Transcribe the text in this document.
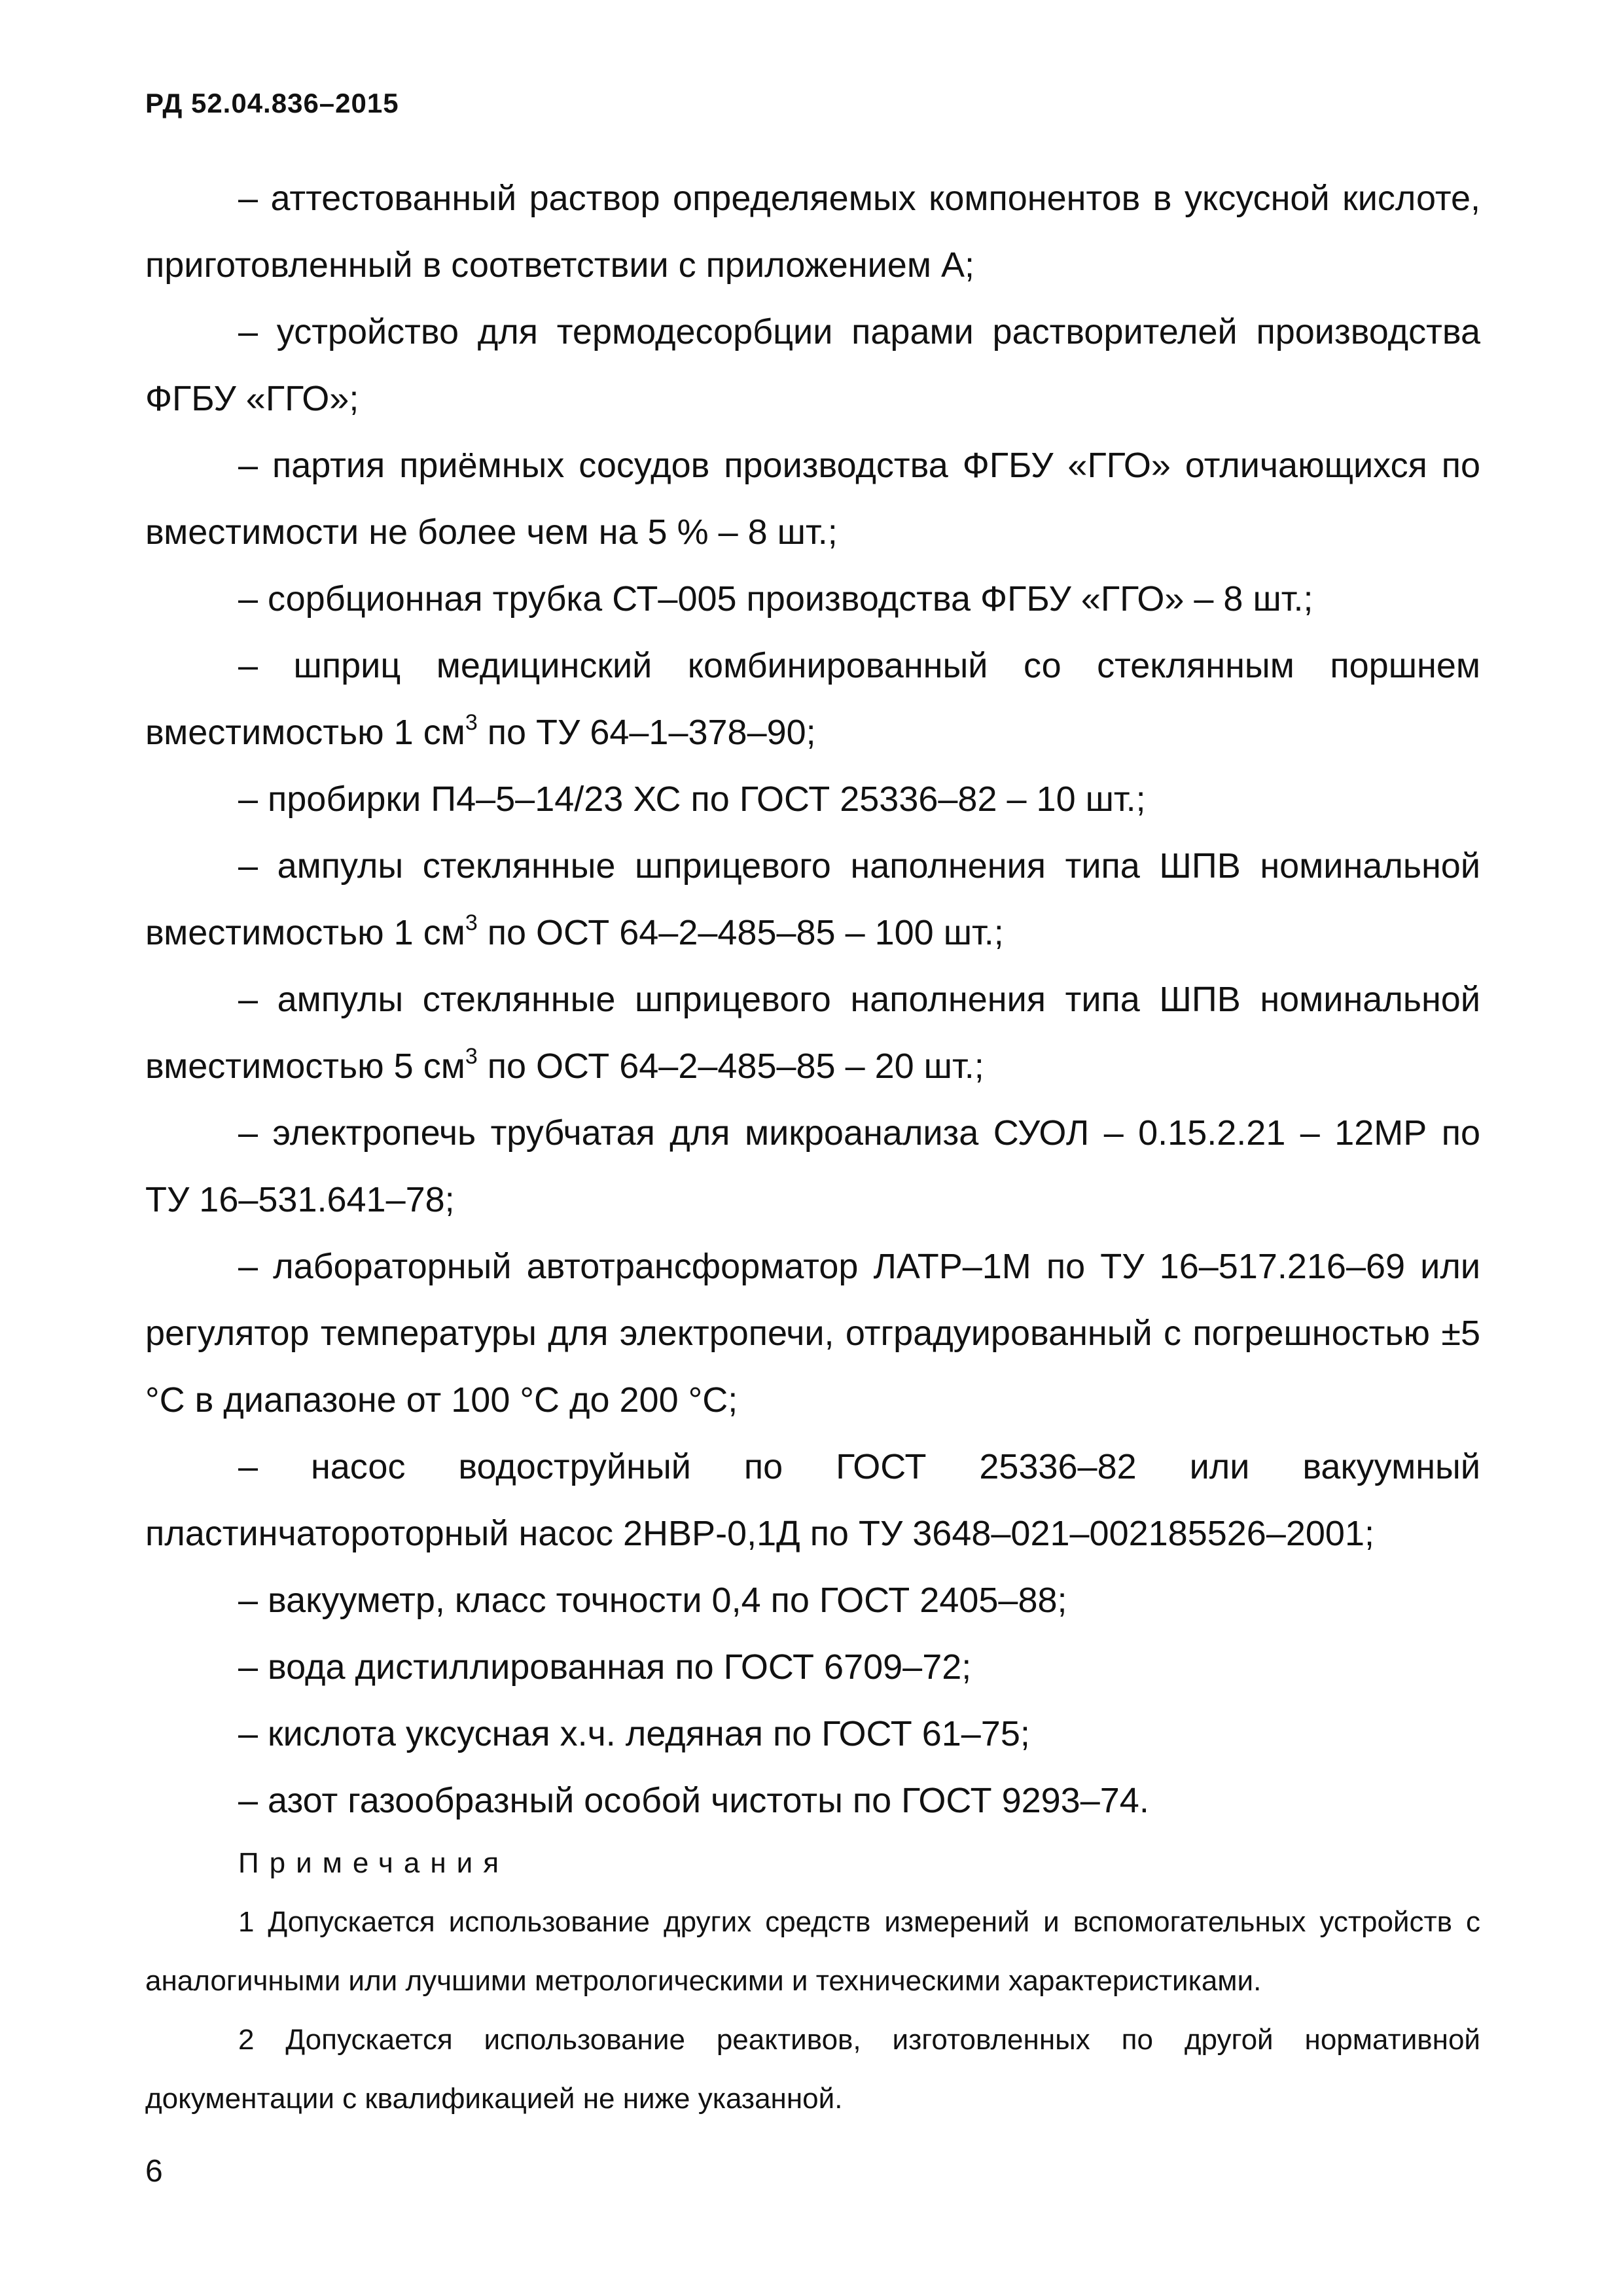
РД 52.04.836–2015

– аттестованный раствор определяемых компонентов в уксусной кислоте, приготовленный в соответствии с приложением А;

– устройство для термодесорбции парами растворителей производства ФГБУ «ГГО»;

– партия приёмных сосудов производства ФГБУ «ГГО» отличающихся по вместимости не более чем на 5 % – 8 шт.;

– сорбционная трубка СТ–005 производства ФГБУ «ГГО» – 8 шт.;

– шприц медицинский комбинированный со стеклянным поршнем вместимостью 1 $см^3$ по ТУ 64–1–378–90;

– пробирки П4–5–14/23 ХС по ГОСТ 25336–82 – 10 шт.;

– ампулы стеклянные шприцевого наполнения типа ШПВ номинальной вместимостью 1 $см^3$ по ОСТ 64–2–485–85 – 100 шт.;

– ампулы стеклянные шприцевого наполнения типа ШПВ номинальной вместимостью 5 $см^3$ по ОСТ 64–2–485–85 – 20 шт.;

– электропечь трубчатая для микроанализа СУОЛ – 0.15.2.21 – 12МР по ТУ 16–531.641–78;

– лабораторный автотрансформатор ЛАТР–1М по ТУ 16–517.216–69 или регулятор температуры для электропечи, отградуированный с погрешностью ±5 °С в диапазоне от 100 °С до 200 °С;

– насос водоструйный по ГОСТ 25336–82 или вакуумный пластинчатороторный насос 2НВР-0,1Д по ТУ 3648–021–002185526–2001;

– вакууметр, класс точности 0,4 по ГОСТ 2405–88;

– вода дистиллированная по ГОСТ 6709–72;

– кислота уксусная х.ч. ледяная по ГОСТ 61–75;

– азот газообразный особой чистоты по ГОСТ 9293–74.

Примечания

1 Допускается использование других средств измерений и вспомогательных устройств с аналогичными или лучшими метрологическими и техническими характеристиками.

2 Допускается использование реактивов, изготовленных по другой нормативной документации с квалификацией не ниже указанной.

6
